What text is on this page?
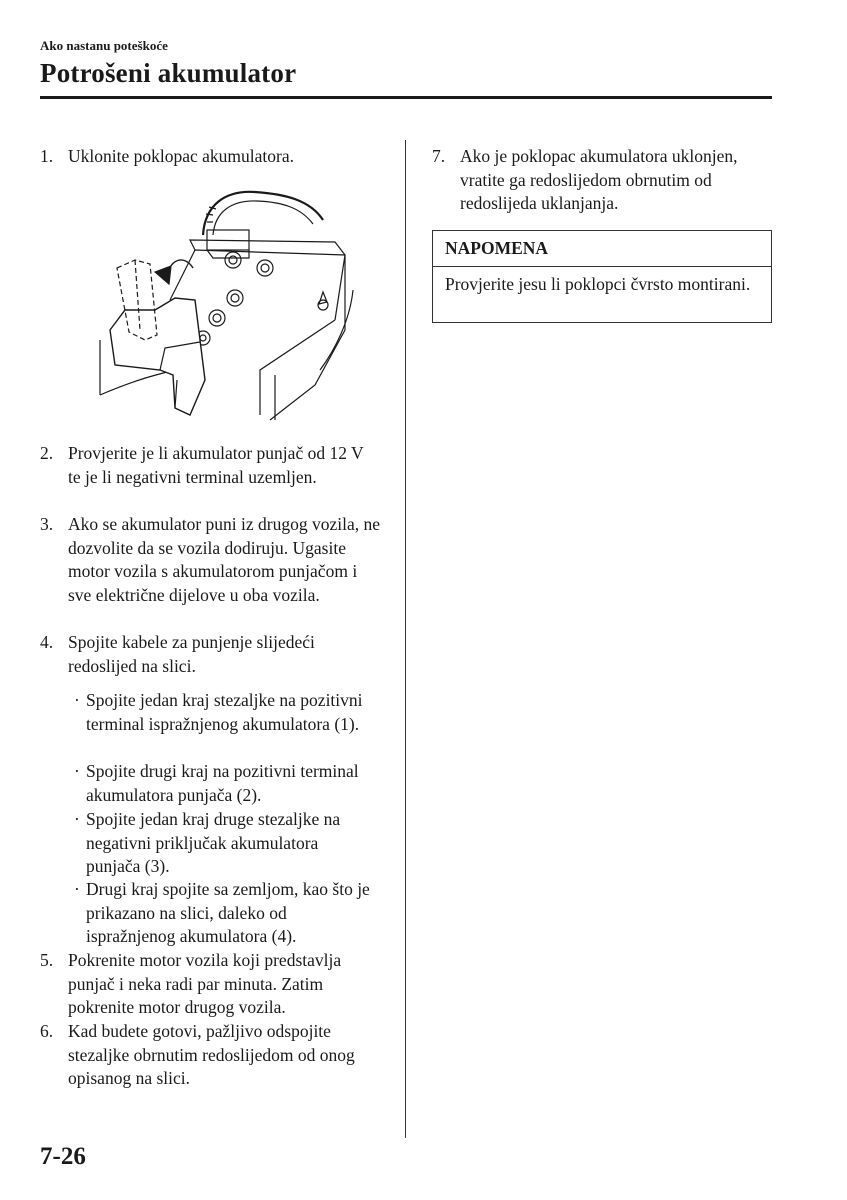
Ako nastanu poteškoće
Potrošeni akumulator
1. Uklonite poklopac akumulatora.
2. Provjerite je li akumulator punjač od 12 V te je li negativni terminal uzemljen.
3. Ako se akumulator puni iz drugog vozila, ne dozvolite da se vozila dodiruju. Ugasite motor vozila s akumulatorom punjačom i sve električne dijelove u oba vozila.
4. Spojite kabele za punjenje slijedeći redoslijed na slici.
· Spojite jedan kraj stezaljke na pozitivni terminal ispražnjenog akumulatora (1).
· Spojite drugi kraj na pozitivni terminal akumulatora punjača (2).
· Spojite jedan kraj druge stezaljke na negativni priključak akumulatora punjača (3).
· Drugi kraj spojite sa zemljom, kao što je prikazano na slici, daleko od ispražnjenog akumulatora (4).
5. Pokrenite motor vozila koji predstavlja punjač i neka radi par minuta. Zatim pokrenite motor drugog vozila.
6. Kad budete gotovi, pažljivo odspojite stezaljke obrnutim redoslijedom od onog opisanog na slici.
7. Ako je poklopac akumulatora uklonjen, vratite ga redoslijedom obrnutim od redoslijeda uklanjanja.
NAPOMENA
Provjerite jesu li poklopci čvrsto montirani.
7-26
